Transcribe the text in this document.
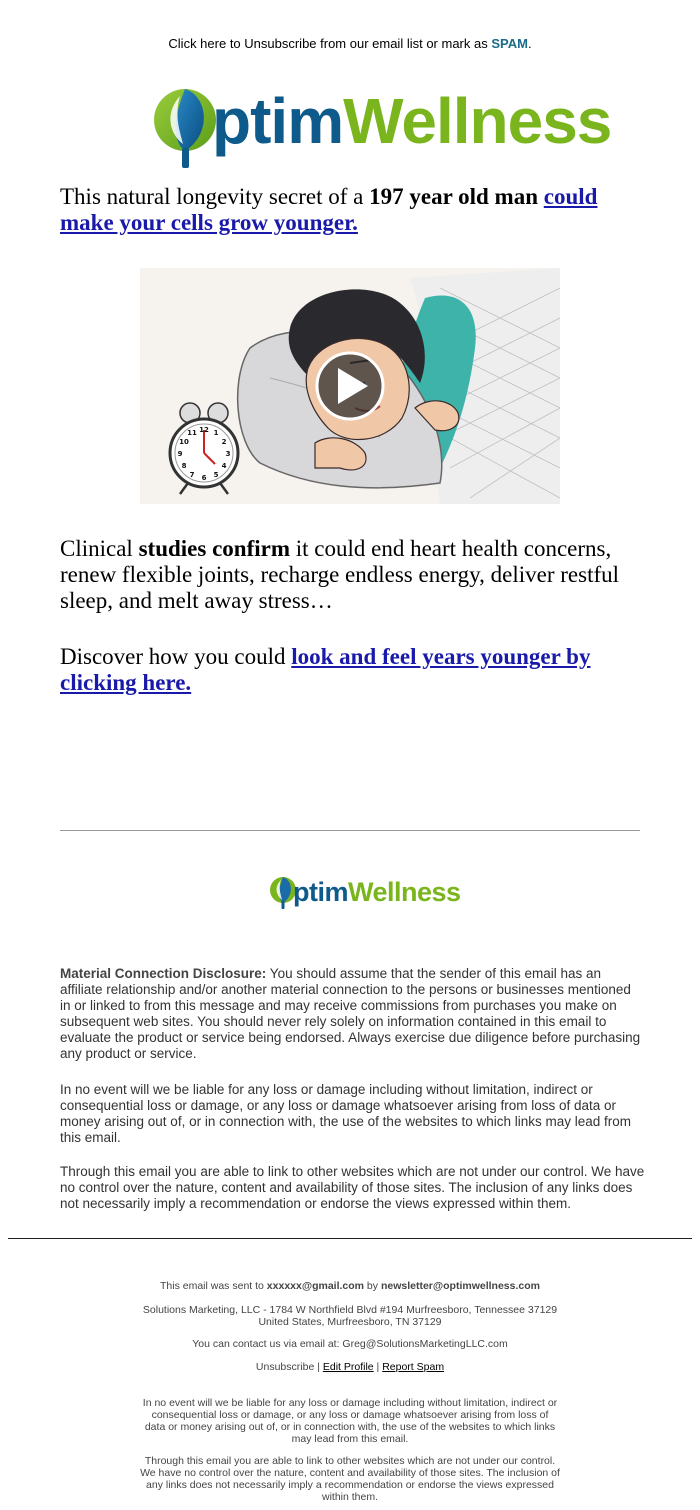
Click here to Unsubscribe from our email list or mark as SPAM.
ptimWellness
This natural longevity secret of a 197 year old man could make your cells grow younger.
12 1
2
3
4
5
6
7
8
9
10
11
Clinical studies confirm it could end heart health concerns, renew flexible joints, recharge endless energy, deliver restful sleep, and melt away stress…
Discover how you could look and feel years younger by clicking here.
ptimWellness
Material Connection Disclosure: You should assume that the sender of this email has an affiliate relationship and/or another material connection to the persons or businesses mentioned in or linked to from this message and may receive commissions from purchases you make on subsequent web sites. You should never rely solely on information contained in this email to evaluate the product or service being endorsed. Always exercise due diligence before purchasing any product or service.
In no event will we be liable for any loss or damage including without limitation, indirect or consequential loss or damage, or any loss or damage whatsoever arising from loss of data or money arising out of, or in connection with, the use of the websites to which links may lead from this email.
Through this email you are able to link to other websites which are not under our control. We have no control over the nature, content and availability of those sites. The inclusion of any links does not necessarily imply a recommendation or endorse the views expressed within them.
This email was sent to xxxxxx@gmail.com by newsletter@optimwellness.com
Solutions Marketing, LLC - 1784 W Northfield Blvd #194 Murfreesboro, Tennessee 37129 United States, Murfreesboro, TN 37129
You can contact us via email at: Greg@SolutionsMarketingLLC.com
Unsubscribe | Edit Profile | Report Spam
In no event will we be liable for any loss or damage including without limitation, indirect or consequential loss or damage, or any loss or damage whatsoever arising from loss of data or money arising out of, or in connection with, the use of the websites to which links may lead from this email.
Through this email you are able to link to other websites which are not under our control. We have no control over the nature, content and availability of those sites. The inclusion of any links does not necessarily imply a recommendation or endorse the views expressed within them.
